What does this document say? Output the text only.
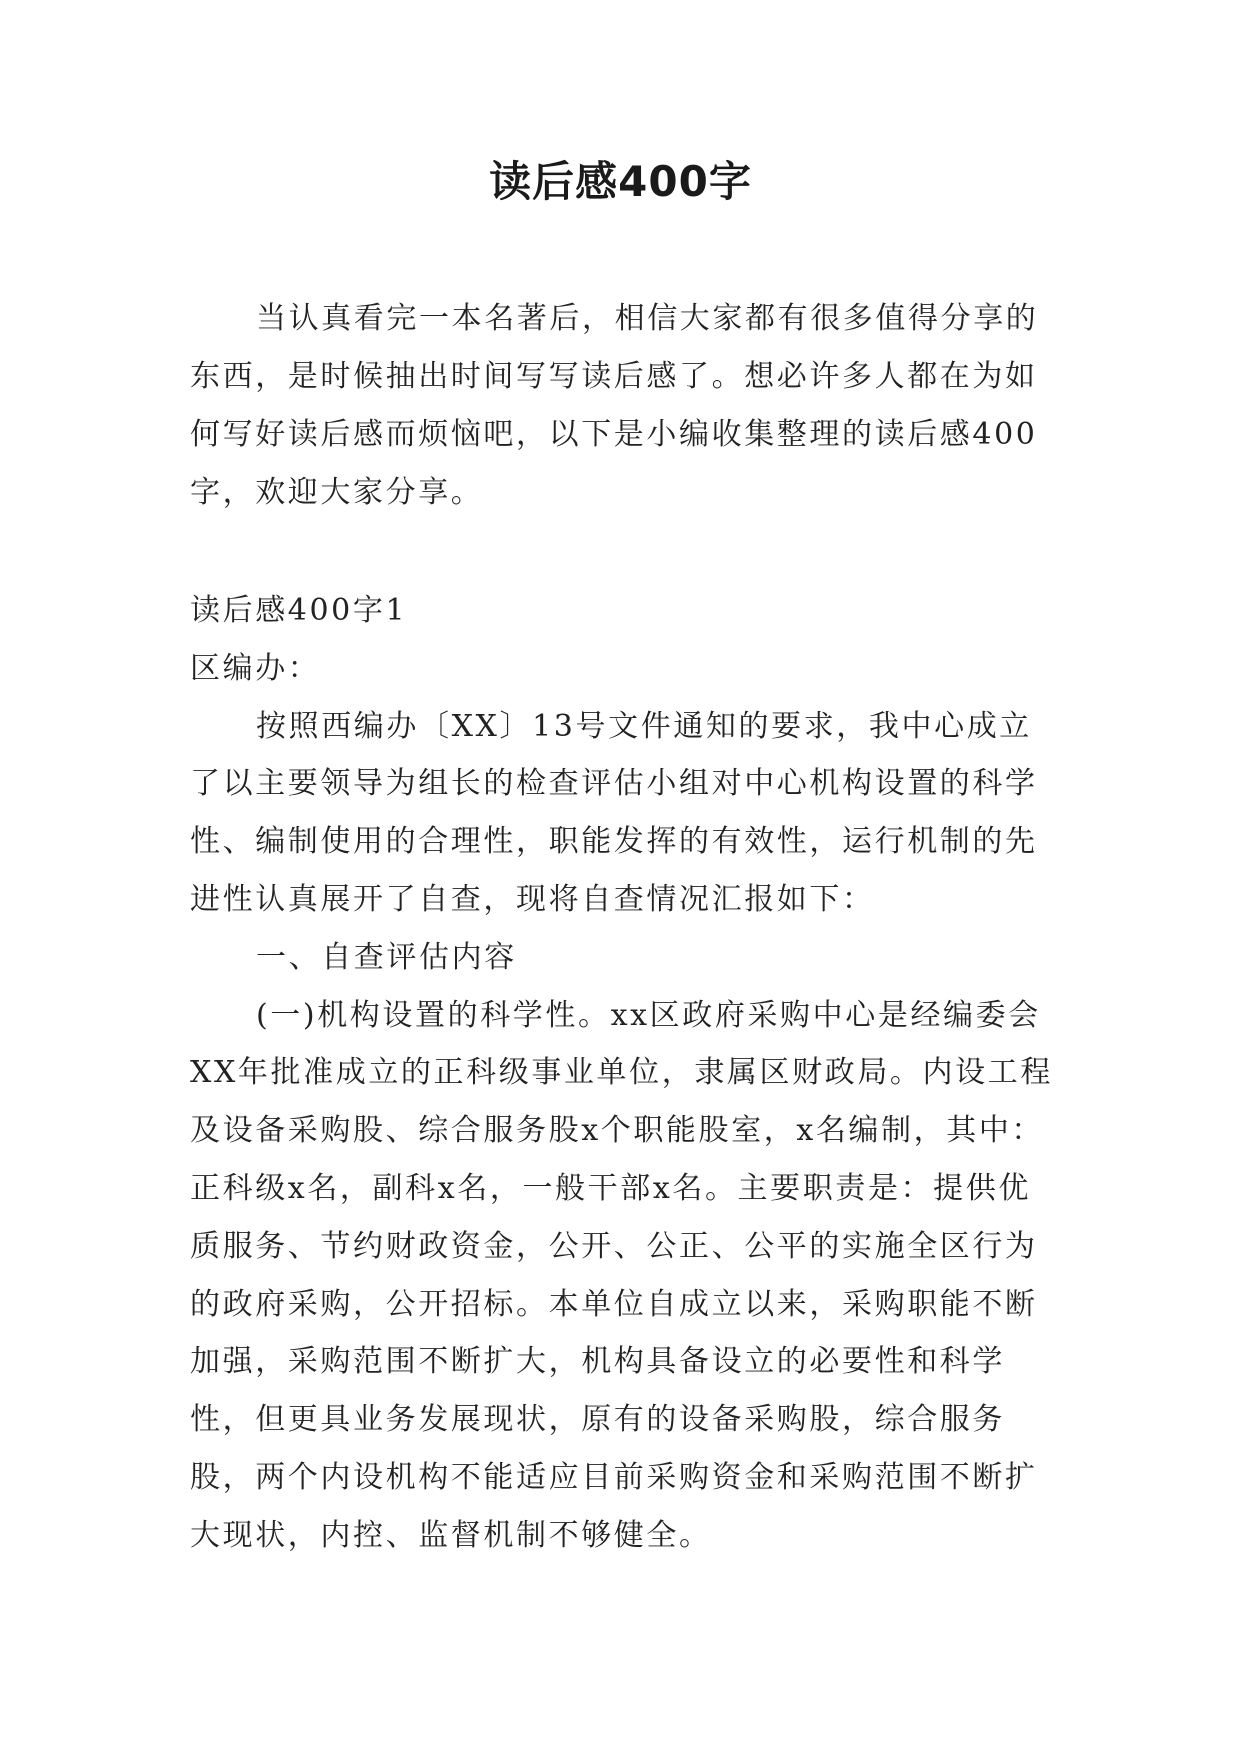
读后感400字

当认真看完一本名著后，相信大家都有很多值得分享的东西，是时候抽出时间写写读后感了。想必许多人都在为如何写好读后感而烦恼吧，以下是小编收集整理的读后感400字，欢迎大家分享。

读后感400字1

区编办：

按照西编办〔XX〕13号文件通知的要求，我中心成立了以主要领导为组长的检查评估小组对中心机构设置的科学性、编制使用的合理性，职能发挥的有效性，运行机制的先进性认真展开了自查，现将自查情况汇报如下：

一、自查评估内容

(一)机构设置的科学性。xx区政府采购中心是经编委会XX年批准成立的正科级事业单位，隶属区财政局。内设工程及设备采购股、综合服务股x个职能股室，x名编制，其中：正科级x名，副科x名，一般干部x名。主要职责是：提供优质服务、节约财政资金，公开、公正、公平的实施全区行为的政府采购，公开招标。本单位自成立以来，采购职能不断加强，采购范围不断扩大，机构具备设立的必要性和科学性，但更具业务发展现状，原有的设备采购股，综合服务股，两个内设机构不能适应目前采购资金和采购范围不断扩大现状，内控、监督机制不够健全。
